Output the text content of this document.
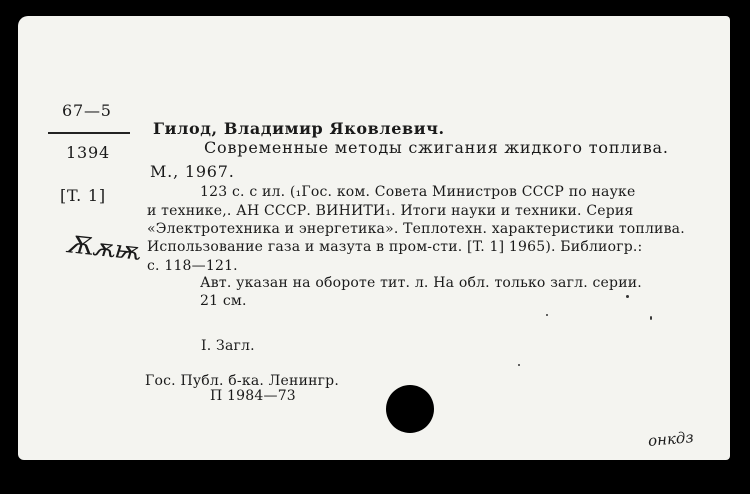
67—5
1394
[T. 1]
Ѫѫѭ
Гилод, Владимир Яковлевич.
Современные методы сжигания жидкого топлива.
М., 1967.
123 с. с ил. (₁Гос. ком. Совета Министров СССР по науке
и технике,. АН СССР. ВИНИТИ₁. Итоги науки и техники. Серия
«Электротехника и энергетика». Теплотехн. характеристики топлива.
Использование газа и мазута в пром-сти. [T. 1] 1965). Библиогр.:
с. 118—121.
Авт. указан на обороте тит. л. На обл. только загл. серии.
21 см.
I. Загл.
Гос. Публ. б-ка. Ленингр.
П 1984—73
онкдз
